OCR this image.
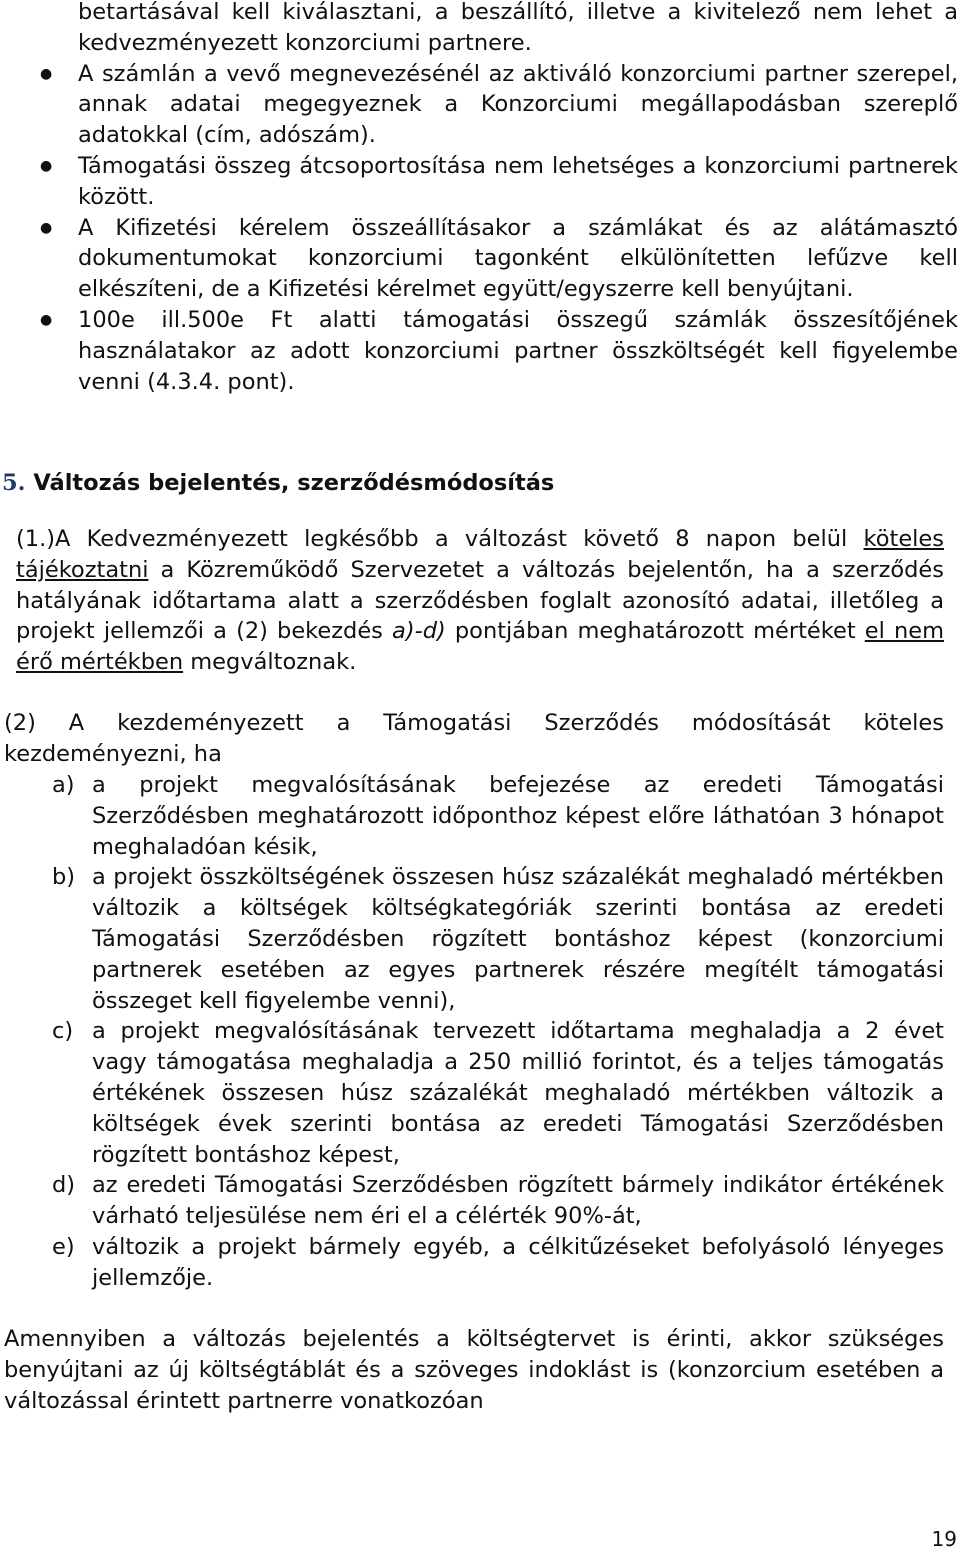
betartásával kell kiválasztani, a beszállító, illetve a kivitelező nem lehet a kedvezményezett konzorciumi partnere.

● A számlán a vevő megnevezésénél az aktiváló konzorciumi partner szerepel, annak adatai megegyeznek a Konzorciumi megállapodásban szereplő adatokkal (cím, adószám).

● Támogatási összeg átcsoportosítása nem lehetséges a konzorciumi partnerek között.

● A Kifizetési kérelem összeállításakor a számlákat és az alátámasztó dokumentumokat konzorciumi tagonként elkülönítetten lefűzve kell elkészíteni, de a Kifizetési kérelmet együtt/egyszerre kell benyújtani.

● 100e ill.500e Ft alatti támogatási összegű számlák összesítőjének használatakor az adott konzorciumi partner összköltségét kell figyelembe venni (4.3.4. pont).

5. Változás bejelentés, szerződésmódosítás

(1.)A Kedvezményezett legkésőbb a változást követő 8 napon belül köteles tájékoztatni a Közreműködő Szervezetet a változás bejelentőn, ha a szerződés hatályának időtartama alatt a szerződésben foglalt azonosító adatai, illetőleg a projekt jellemzői a (2) bekezdés a)-d) pontjában meghatározott mértéket el nem érő mértékben megváltoznak.

(2) A kezdeményezett a Támogatási Szerződés módosítását köteles kezdeményezni, ha

a) a projekt megvalósításának befejezése az eredeti Támogatási Szerződésben meghatározott időponthoz képest előre láthatóan 3 hónapot meghaladóan késik,

b) a projekt összköltségének összesen húsz százalékát meghaladó mértékben változik a költségek költségkategóriák szerinti bontása az eredeti Támogatási Szerződésben rögzített bontáshoz képest (konzorciumi partnerek esetében az egyes partnerek részére megítélt támogatási összeget kell figyelembe venni),

c) a projekt megvalósításának tervezett időtartama meghaladja a 2 évet vagy támogatása meghaladja a 250 millió forintot, és a teljes támogatás értékének összesen húsz százalékát meghaladó mértékben változik a költségek évek szerinti bontása az eredeti Támogatási Szerződésben rögzített bontáshoz képest,

d) az eredeti Támogatási Szerződésben rögzített bármely indikátor értékének várható teljesülése nem éri el a célérték 90%-át,

e) változik a projekt bármely egyéb, a célkitűzéseket befolyásoló lényeges jellemzője.

Amennyiben a változás bejelentés a költségtervet is érinti, akkor szükséges benyújtani az új költségtáblát és a szöveges indoklást is (konzorcium esetében a változással érintett partnerre vonatkozóan

19
